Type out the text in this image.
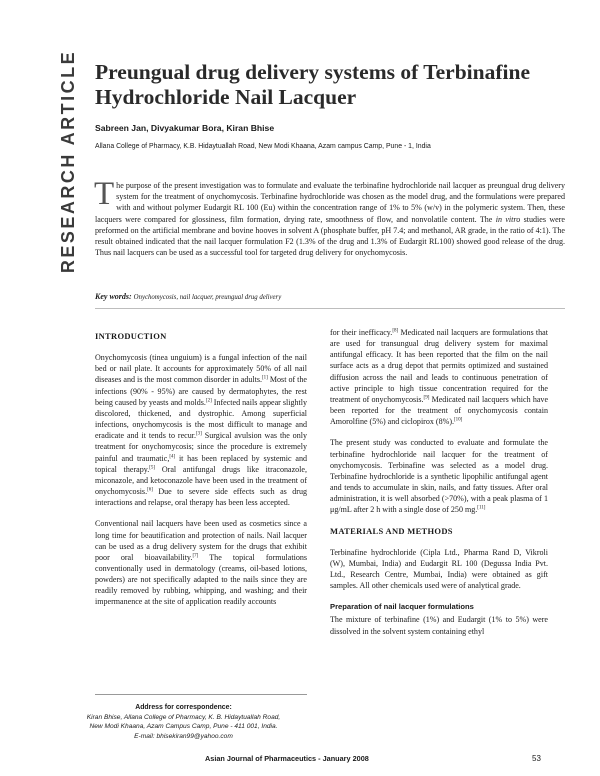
RESEARCH ARTICLE Preungual drug delivery systems of Terbinafine Hydrochloride Nail Lacquer

Sabreen Jan, Divyakumar Bora, Kiran Bhise

Allana College of Pharmacy, K.B. Hidaytuallah Road, New Modi Khaana, Azam campus Camp, Pune - 1, India

The purpose of the present investigation was to formulate and evaluate the terbinafine hydrochloride nail lacquer as preungual drug delivery system for the treatment of onychomycosis. Terbinafine hydrochloride was chosen as the model drug, and the formulations were prepared with and without polymer Eudargit RL 100 (Eu) within the concentration range of 1% to 5% (w/v) in the polymeric system. Then, these lacquers were compared for glossiness, film formation, drying rate, smoothness of flow, and nonvolatile content. The in vitro studies were preformed on the artificial membrane and bovine hooves in solvent A (phosphate buffer, pH 7.4; and methanol, AR grade, in the ratio of 4:1). The result obtained indicated that the nail lacquer formulation F2 (1.3% of the drug and 1.3% of Eudargit RL100) showed good release of the drug. Thus nail lacquers can be used as a successful tool for targeted drug delivery for onychomycosis.

Key words: Onychomycosis, nail lacquer, preungual drug delivery

INTRODUCTION

Onychomycosis (tinea unguium) is a fungal infection of the nail bed or nail plate. It accounts for approximately 50% of all nail diseases and is the most common disorder in adults.[1] Most of the infections (90% - 95%) are caused by dermatophytes, the rest being caused by yeasts and molds.[2] Infected nails appear slightly discolored, thickened, and dystrophic. Among superficial infections, onychomycosis is the most difficult to manage and eradicate and it tends to recur.[3] Surgical avulsion was the only treatment for onychomycosis; since the procedure is extremely painful and traumatic,[4] it has been replaced by systemic and topical therapy.[5] Oral antifungal drugs like itraconazole, miconazole, and ketoconazole have been used in the treatment of onychomycosis.[6] Due to severe side effects such as drug interactions and relapse, oral therapy has been less accepted.

Conventional nail lacquers have been used as cosmetics since a long time for beautification and protection of nails. Nail lacquer can be used as a drug delivery system for the drugs that exhibit poor oral bioavailability.[7] The topical formulations conventionally used in dermatology (creams, oil-based lotions, powders) are not specifically adapted to the nails since they are readily removed by rubbing, whipping, and washing; and their impermanence at the site of application readily accounts

Address for correspondence:
Kiran Bhise, Allana College of Pharmacy, K. B. Hidaytuallah Road,
New Modi Khaana, Azam Campus Camp, Pune - 411 001, India.
E-mail: bhisekiran99@yahoo.com

for their inefficacy.[8] Medicated nail lacquers are formulations that are used for transungual drug delivery system for maximal antifungal efficacy. It has been reported that the film on the nail surface acts as a drug depot that permits optimized and sustained diffusion across the nail and leads to continuous penetration of active principle to high tissue concentration required for the treatment of onychomycosis.[9] Medicated nail lacquers which have been reported for the treatment of onychomycosis contain Amorolfine (5%) and ciclopirox (8%).[10]

The present study was conducted to evaluate and formulate the terbinafine hydrochloride nail lacquer for the treatment of onychomycosis. Terbinafine was selected as a model drug. Terbinafine hydrochloride is a synthetic lipophilic antifungal agent and tends to accumulate in skin, nails, and fatty tissues. After oral administration, it is well absorbed (>70%), with a peak plasma of 1 μg/mL after 2 h with a single dose of 250 mg.[11]

MATERIALS AND METHODS

Terbinafine hydrochloride (Cipla Ltd., Pharma Rand D, Vikroli (W), Mumbai, India) and Eudargit RL 100 (Degussa India Pvt. Ltd., Research Centre, Mumbai, India) were obtained as gift samples. All other chemicals used were of analytical grade.

Preparation of nail lacquer formulations

The mixture of terbinafine (1%) and Eudargit (1% to 5%) were dissolved in the solvent system containing ethyl

Asian Journal of Pharmaceutics - January 2008	53
